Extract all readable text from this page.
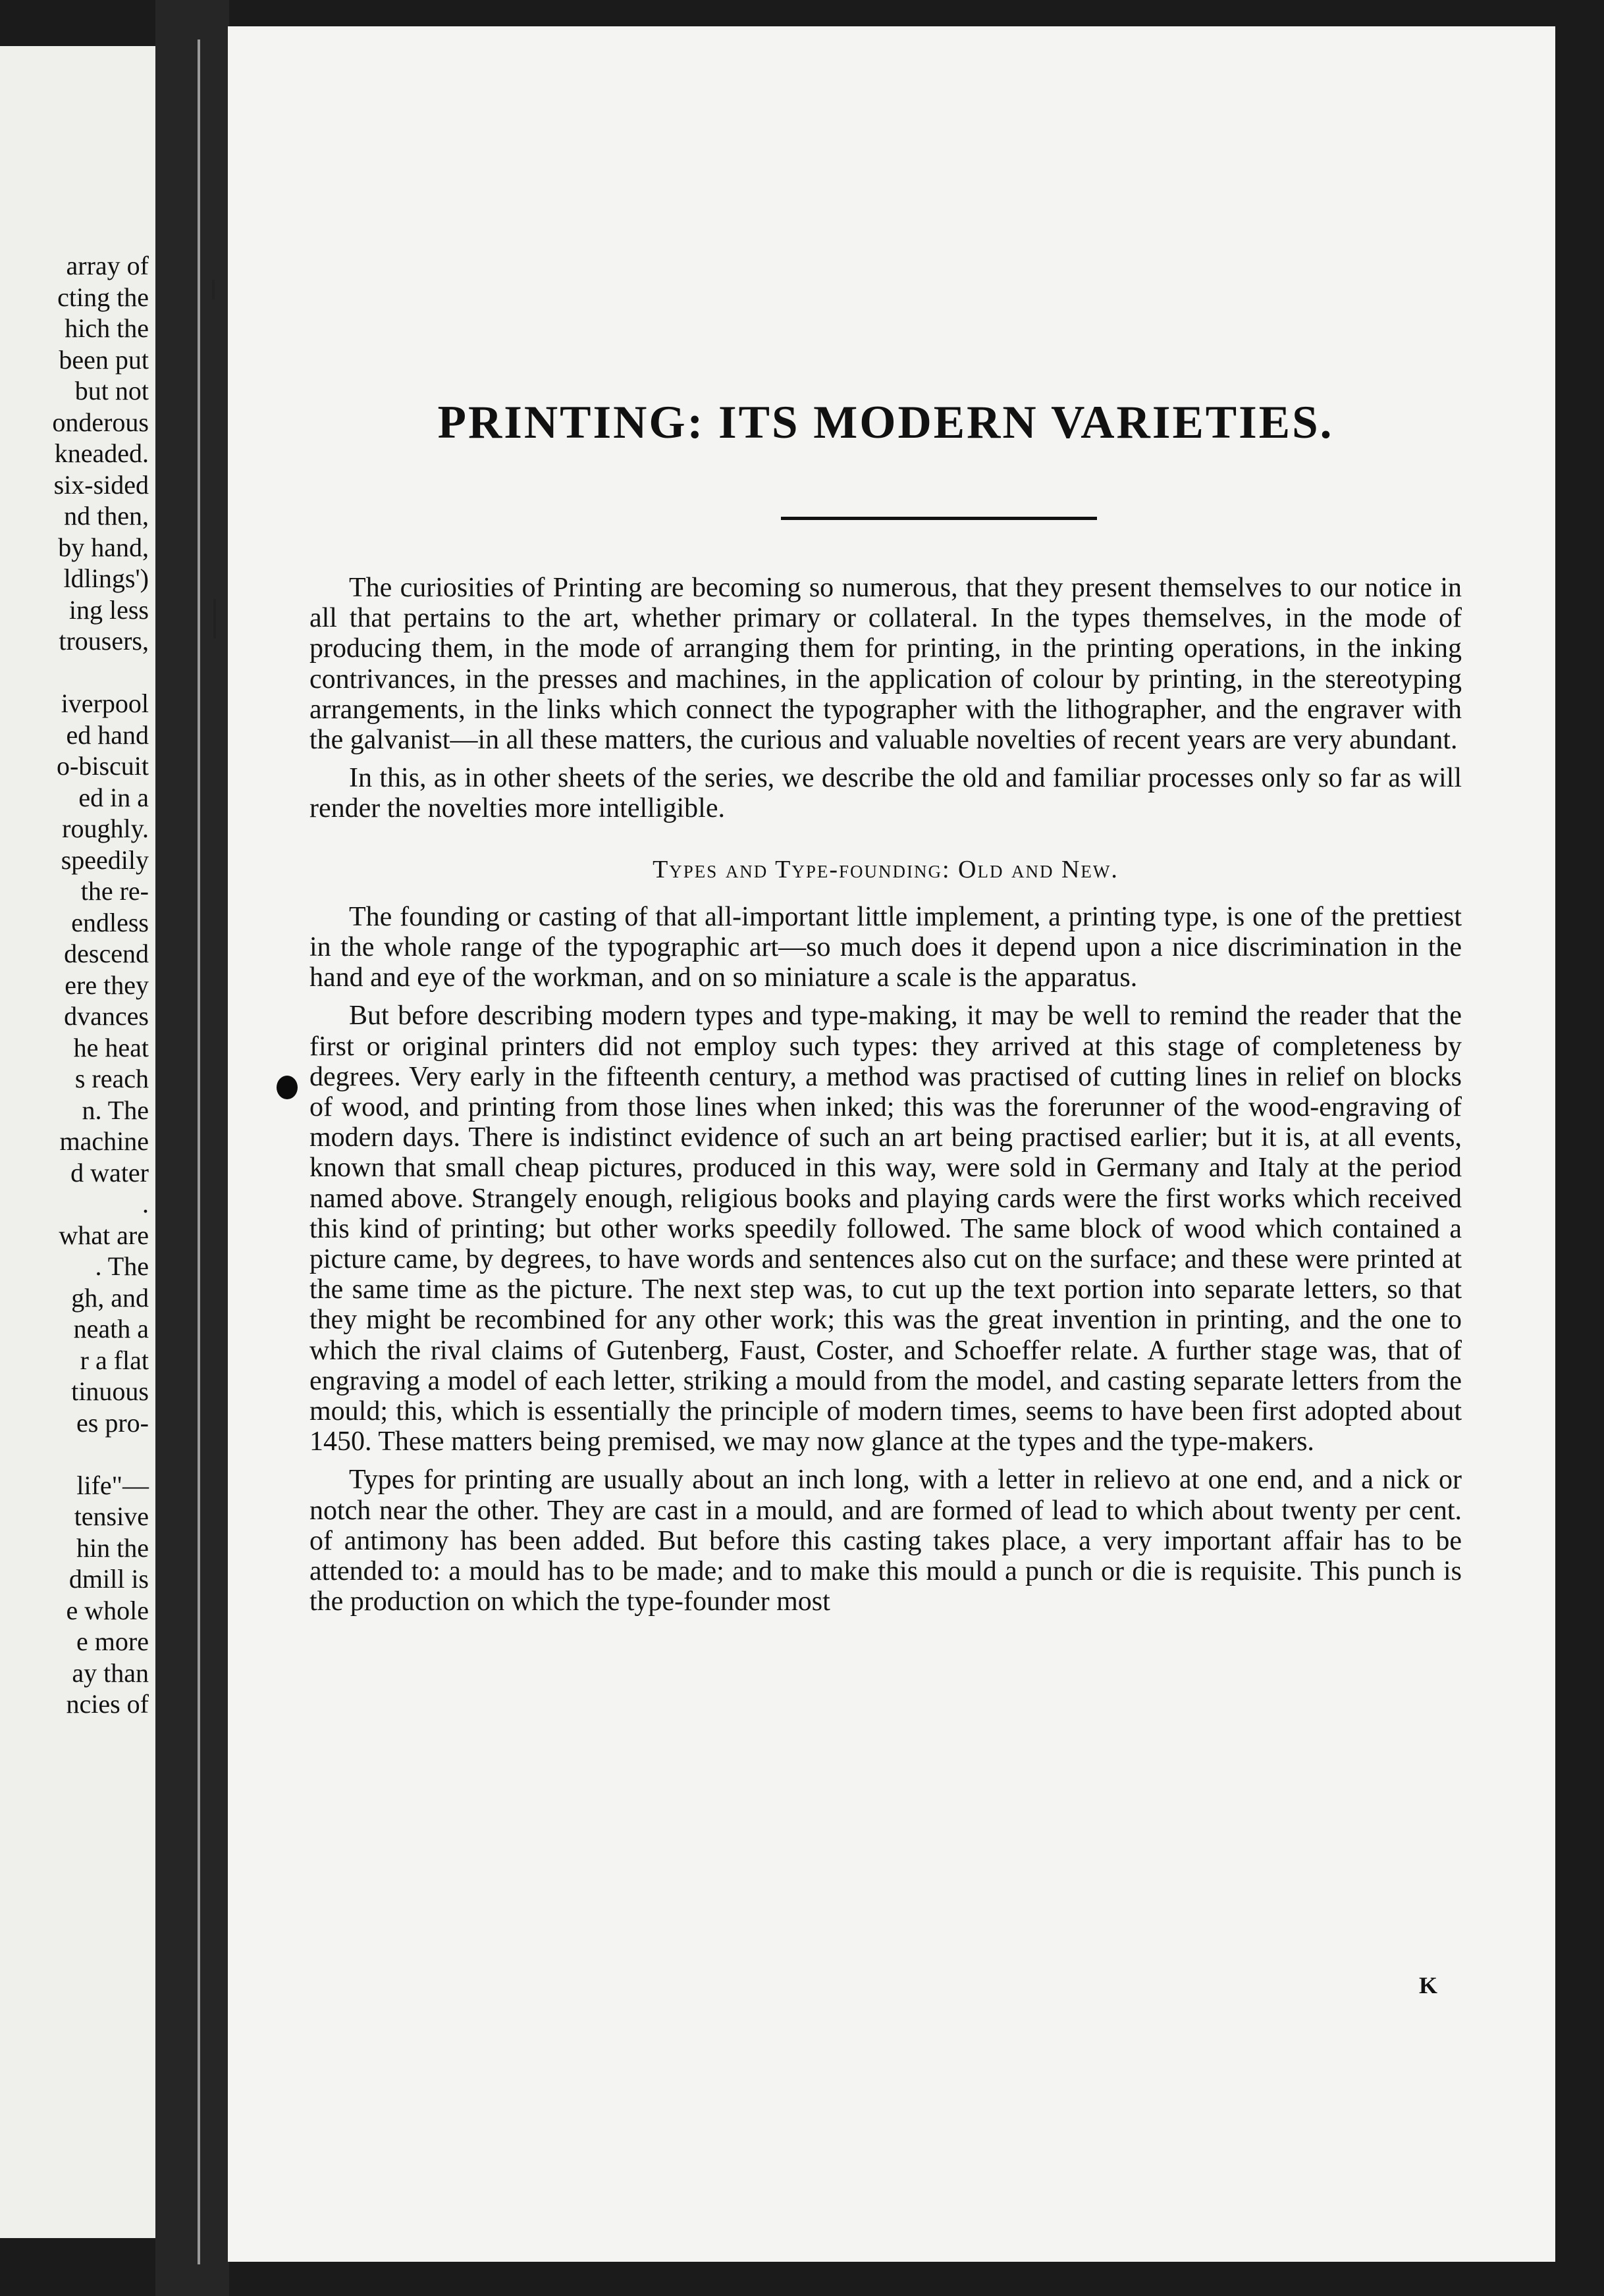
array of
cting the
hich the
been put
but not
onderous
kneaded.
six-sided
nd then,
by hand,
ldlings')
ing less
trousers,
iverpool
ed hand
o-biscuit
ed in a
roughly.
speedily
the re-
endless
descend
ere they
dvances
he heat
s reach
n. The
machine
d water
.
what are
. The
gh, and
neath a
r a flat
tinuous
es pro-
life"—
tensive
hin the
dmill is
e whole
e more
ay than
ncies of
PRINTING: ITS MODERN VARIETIES.

The curiosities of Printing are becoming so numerous, that they present themselves to our notice in all that pertains to the art, whether primary or collateral. In the types themselves, in the mode of producing them, in the mode of arranging them for printing, in the printing operations, in the inking contrivances, in the presses and machines, in the application of colour by printing, in the stereotyping arrangements, in the links which connect the typographer with the lithographer, and the engraver with the galvanist—in all these matters, the curious and valuable novelties of recent years are very abundant.

In this, as in other sheets of the series, we describe the old and familiar processes only so far as will render the novelties more intelligible.

Types and Type-founding: Old and New.

The founding or casting of that all-important little implement, a printing type, is one of the prettiest in the whole range of the typographic art—so much does it depend upon a nice discrimination in the hand and eye of the workman, and on so miniature a scale is the apparatus.

But before describing modern types and type-making, it may be well to remind the reader that the first or original printers did not employ such types: they arrived at this stage of completeness by degrees. Very early in the fifteenth century, a method was practised of cutting lines in relief on blocks of wood, and printing from those lines when inked; this was the forerunner of the wood-engraving of modern days. There is indistinct evidence of such an art being practised earlier; but it is, at all events, known that small cheap pictures, produced in this way, were sold in Germany and Italy at the period named above. Strangely enough, religious books and playing cards were the first works which received this kind of printing; but other works speedily followed. The same block of wood which contained a picture came, by degrees, to have words and sentences also cut on the surface; and these were printed at the same time as the picture. The next step was, to cut up the text portion into separate letters, so that they might be recombined for any other work; this was the great invention in printing, and the one to which the rival claims of Gutenberg, Faust, Coster, and Schoeffer relate. A further stage was, that of engraving a model of each letter, striking a mould from the model, and casting separate letters from the mould; this, which is essentially the principle of modern times, seems to have been first adopted about 1450. These matters being premised, we may now glance at the types and the type-makers.

Types for printing are usually about an inch long, with a letter in relievo at one end, and a nick or notch near the other. They are cast in a mould, and are formed of lead to which about twenty per cent. of antimony has been added. But before this casting takes place, a very important affair has to be attended to: a mould has to be made; and to make this mould a punch or die is requisite. This punch is the production on which the type-founder most

K
